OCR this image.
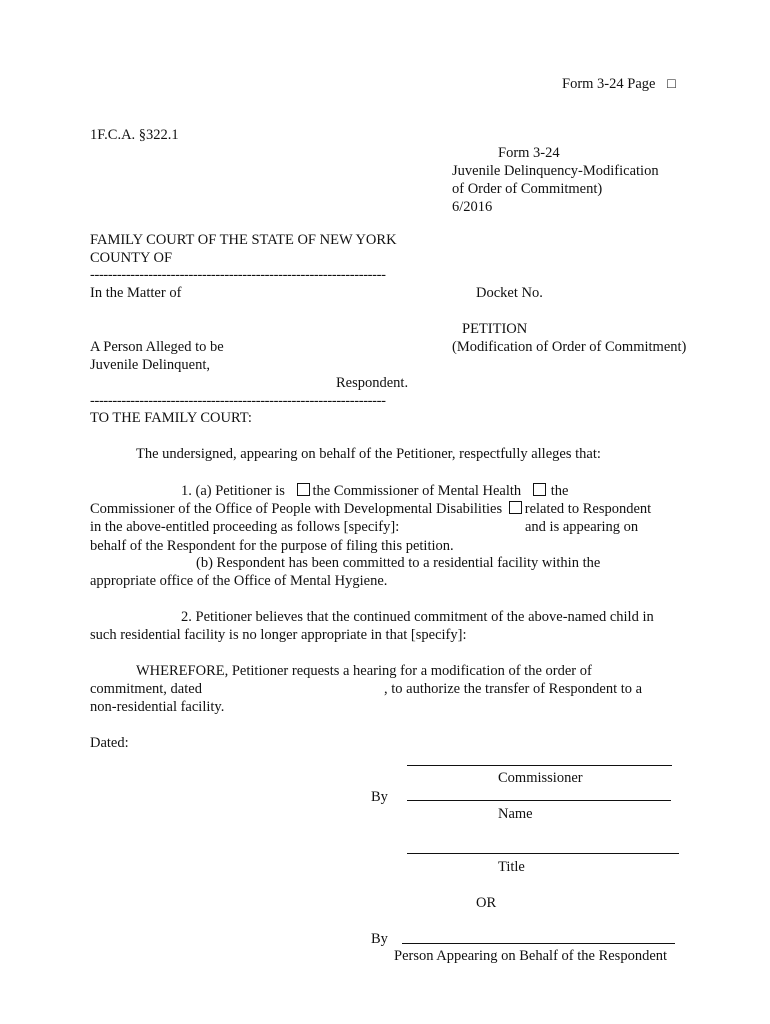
Form 3-24 Page □
1F.C.A. §322.1
Form 3-24
Juvenile Delinquency-Modification
of Order of Commitment)
6/2016
FAMILY COURT OF THE STATE OF NEW YORK
COUNTY OF
------------------------------------------------------------------
In the Matter of	Docket No.
PETITION
A Person Alleged to be	(Modification of Order of Commitment)
Juvenile Delinquent,
Respondent.
------------------------------------------------------------------
TO THE FAMILY COURT:
The undersigned, appearing on behalf of the Petitioner, respectfully alleges that:
1. (a) Petitioner is the Commissioner of Mental Health the
Commissioner of the Office of People with Developmental Disabilities related to Respondent
in the above-entitled proceeding as follows [specify]:	and is appearing on
behalf of the Respondent for the purpose of filing this petition.
(b) Respondent has been committed to a residential facility within the
appropriate office of the Office of Mental Hygiene.
2. Petitioner believes that the continued commitment of the above-named child in
such residential facility is no longer appropriate in that [specify]:
WHEREFORE, Petitioner requests a hearing for a modification of the order of
commitment, dated	, to authorize the transfer of Respondent to a
non-residential facility.
Dated:
Commissioner
By
Name
Title
OR
By
Person Appearing on Behalf of the Respondent
